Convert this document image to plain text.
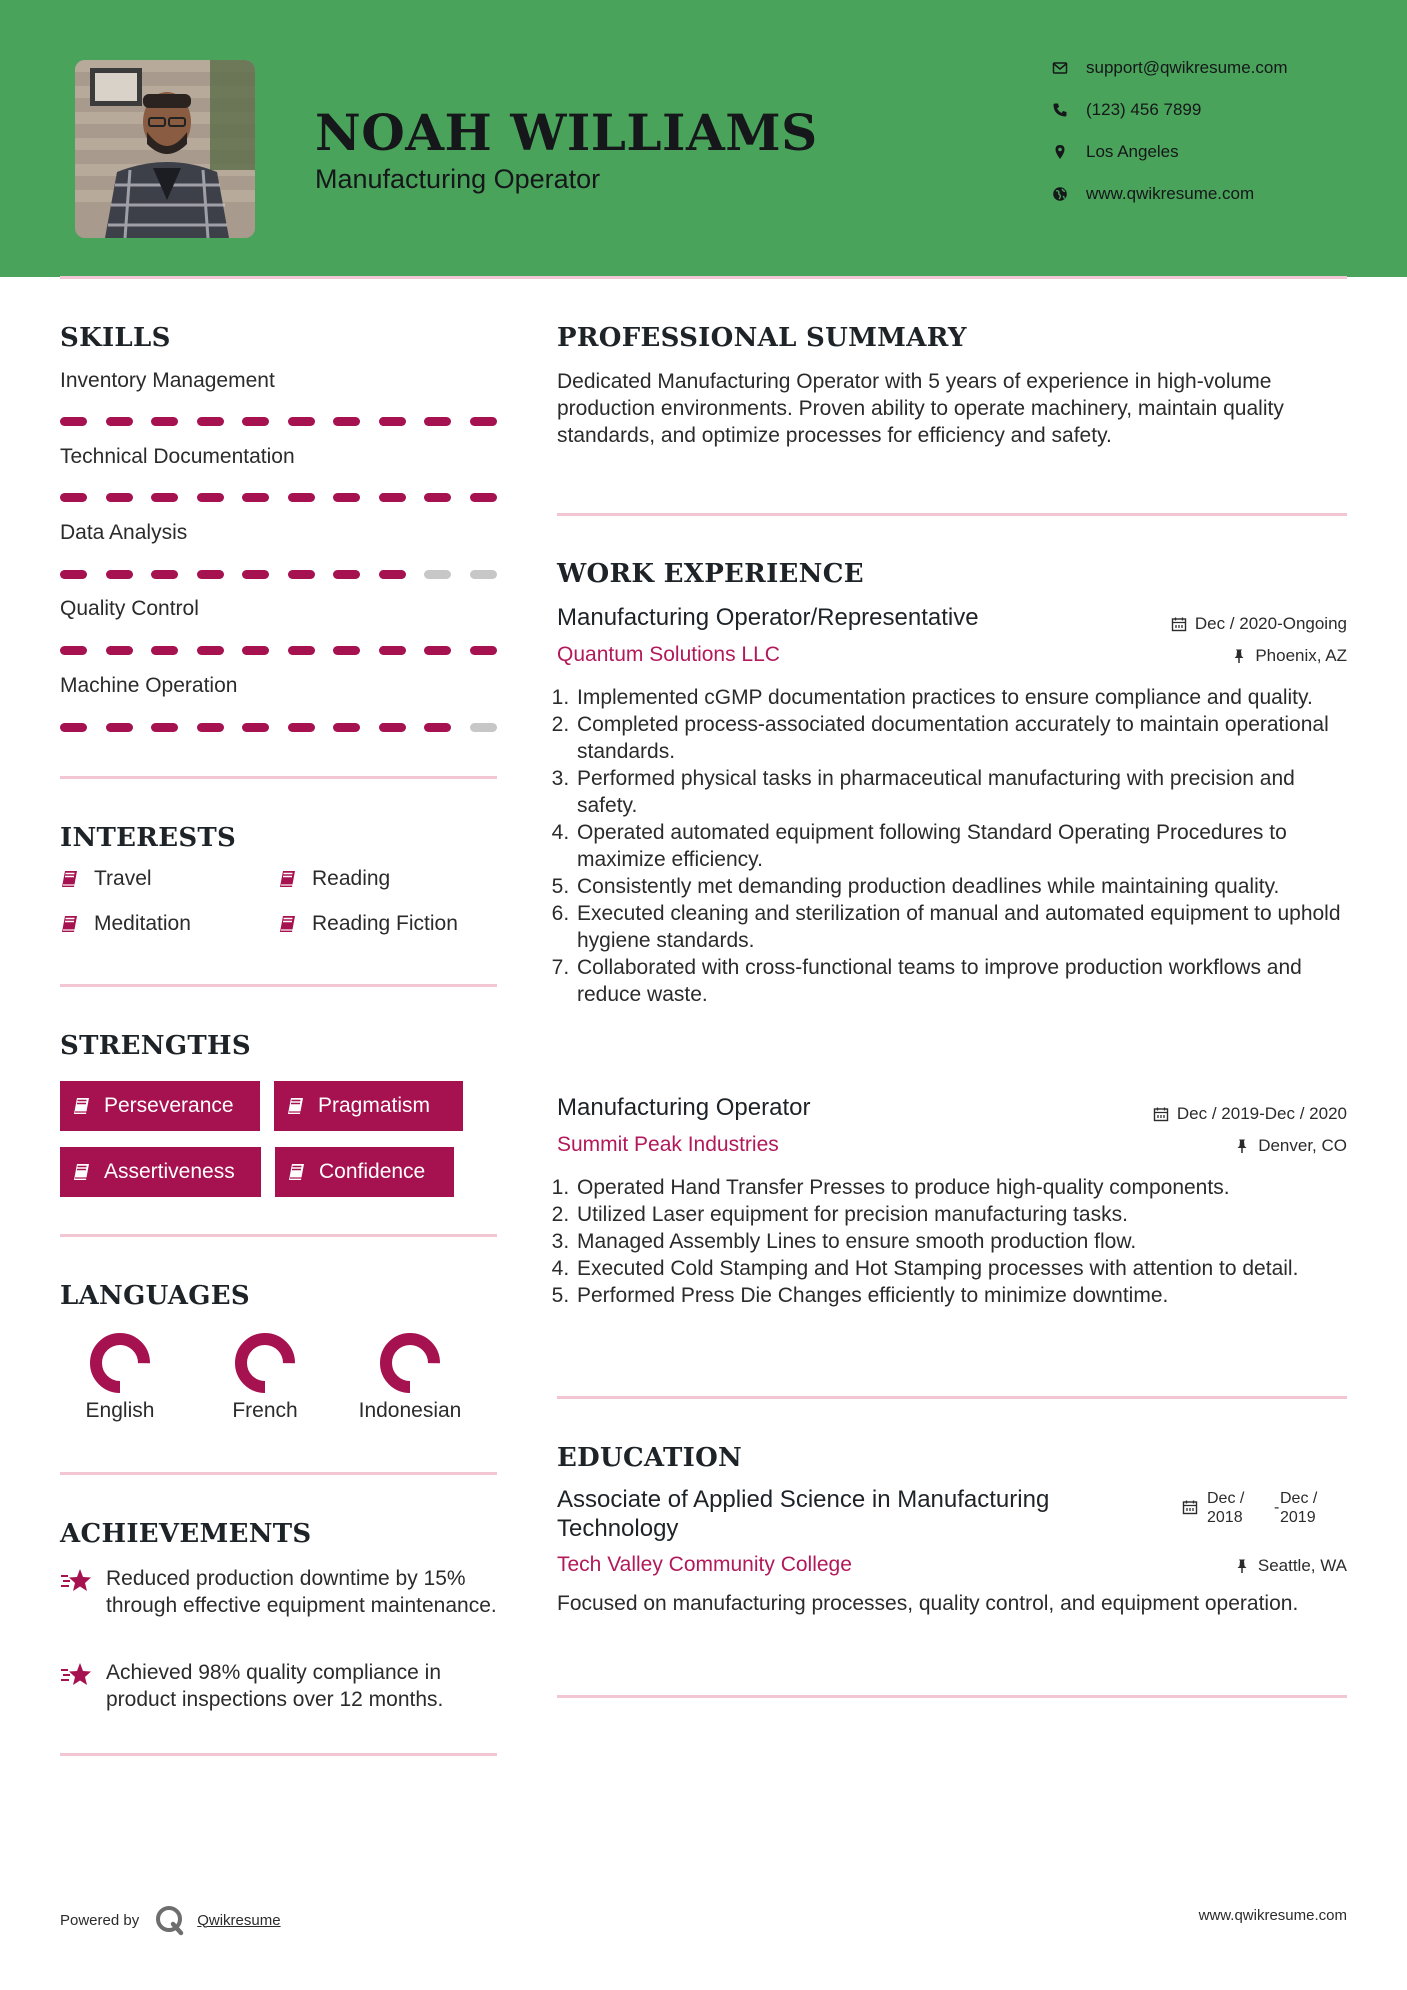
NOAH WILLIAMS
Manufacturing Operator
support@qwikresume.com
(123) 456 7899
Los Angeles
www.qwikresume.com
SKILLS
Inventory Management
Technical Documentation
Data Analysis
Quality Control
Machine Operation
INTERESTS
Travel	Reading
Meditation	Reading Fiction
STRENGTHS
Perseverance	Pragmatism
Assertiveness	Confidence
LANGUAGES
English	French	Indonesian
ACHIEVEMENTS
Reduced production downtime by 15% through effective equipment maintenance.
Achieved 98% quality compliance in product inspections over 12 months.
PROFESSIONAL SUMMARY
Dedicated Manufacturing Operator with 5 years of experience in high-volume production environments. Proven ability to operate machinery, maintain quality standards, and optimize processes for efficiency and safety.
WORK EXPERIENCE
Manufacturing Operator/Representative	Dec / 2020-Ongoing
Quantum Solutions LLC	Phoenix, AZ
1. Implemented cGMP documentation practices to ensure compliance and quality.
2. Completed process-associated documentation accurately to maintain operational standards.
3. Performed physical tasks in pharmaceutical manufacturing with precision and safety.
4. Operated automated equipment following Standard Operating Procedures to maximize efficiency.
5. Consistently met demanding production deadlines while maintaining quality.
6. Executed cleaning and sterilization of manual and automated equipment to uphold hygiene standards.
7. Collaborated with cross-functional teams to improve production workflows and reduce waste.
Manufacturing Operator	Dec / 2019-Dec / 2020
Summit Peak Industries	Denver, CO
1. Operated Hand Transfer Presses to produce high-quality components.
2. Utilized Laser equipment for precision manufacturing tasks.
3. Managed Assembly Lines to ensure smooth production flow.
4. Executed Cold Stamping and Hot Stamping processes with attention to detail.
5. Performed Press Die Changes efficiently to minimize downtime.
EDUCATION
Associate of Applied Science in Manufacturing Technology
Dec / 2018
-
Dec / 2019
Tech Valley Community College	Seattle, WA
Focused on manufacturing processes, quality control, and equipment operation.
Powered by	Qwikresume	www.qwikresume.com
